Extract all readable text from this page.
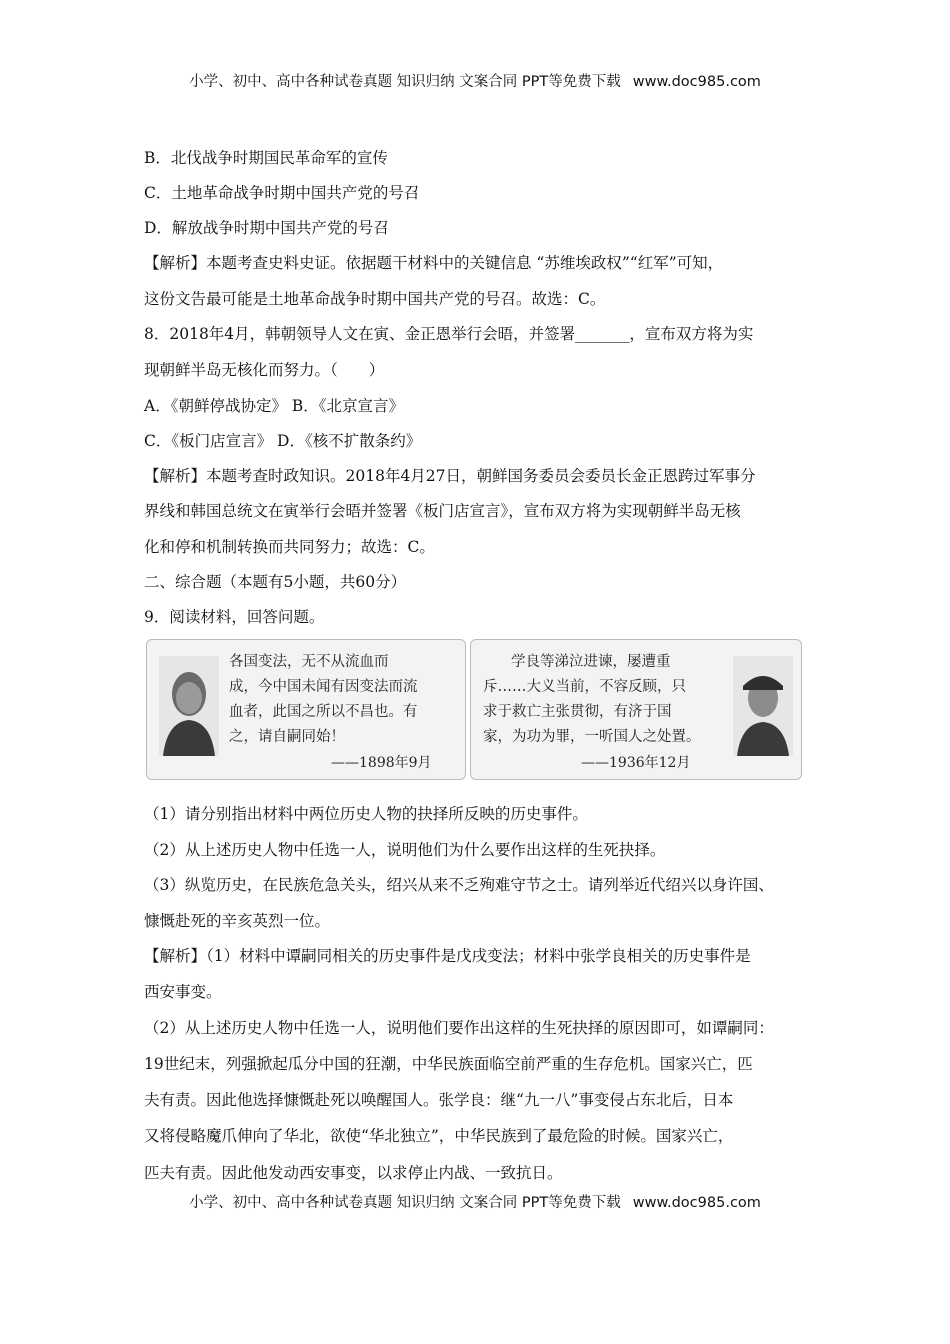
小学、初中、高中各种试卷真题 知识归纳 文案合同 PPT等免费下载 www.doc985.com
B．北伐战争时期国民革命军的宣传
C．土地革命战争时期中国共产党的号召
D．解放战争时期中国共产党的号召
【解析】本题考查史料史证。依据题干材料中的关键信息 “苏维埃政权”“红军”可知，
这份文告最可能是土地革命战争时期中国共产党的号召。故选：C。
8．2018年4月，韩朝领导人文在寅、金正恩举行会晤，并签署_______，宣布双方将为实
现朝鲜半岛无核化而努力。（　　）
A．《朝鲜停战协定》 B．《北京宣言》
C．《板门店宣言》 D．《核不扩散条约》
【解析】本题考查时政知识。2018年4月27日，朝鲜国务委员会委员长金正恩跨过军事分
界线和韩国总统文在寅举行会晤并签署《板门店宣言》，宣布双方将为实现朝鲜半岛无核
化和停和机制转换而共同努力；故选：C。
二、综合题（本题有5小题，共60分）
9．阅读材料，回答问题。
各国变法，无不从流血而
成，今中国未闻有因变法而流
血者，此国之所以不昌也。有
之，请自嗣同始！
——1898年9月
学良等涕泣进谏，屡遭重
斥……大义当前，不容反顾，只
求于救亡主张贯彻，有济于国
家，为功为罪，一听国人之处置。
——1936年12月
（1）请分别指出材料中两位历史人物的抉择所反映的历史事件。
（2）从上述历史人物中任选一人，说明他们为什么要作出这样的生死抉择。
（3）纵览历史，在民族危急关头，绍兴从来不乏殉难守节之士。请列举近代绍兴以身许国、
慷慨赴死的辛亥英烈一位。
【解析】（1）材料中谭嗣同相关的历史事件是戊戌变法；材料中张学良相关的历史事件是
西安事变。
（2）从上述历史人物中任选一人，说明他们要作出这样的生死抉择的原因即可，如谭嗣同：
19世纪末，列强掀起瓜分中国的狂潮，中华民族面临空前严重的生存危机。国家兴亡，匹
夫有责。因此他选择慷慨赴死以唤醒国人。张学良：继“九一八”事变侵占东北后，日本
又将侵略魔爪伸向了华北，欲使“华北独立”，中华民族到了最危险的时候。国家兴亡，
匹夫有责。因此他发动西安事变，以求停止内战、一致抗日。
小学、初中、高中各种试卷真题 知识归纳 文案合同 PPT等免费下载 www.doc985.com
